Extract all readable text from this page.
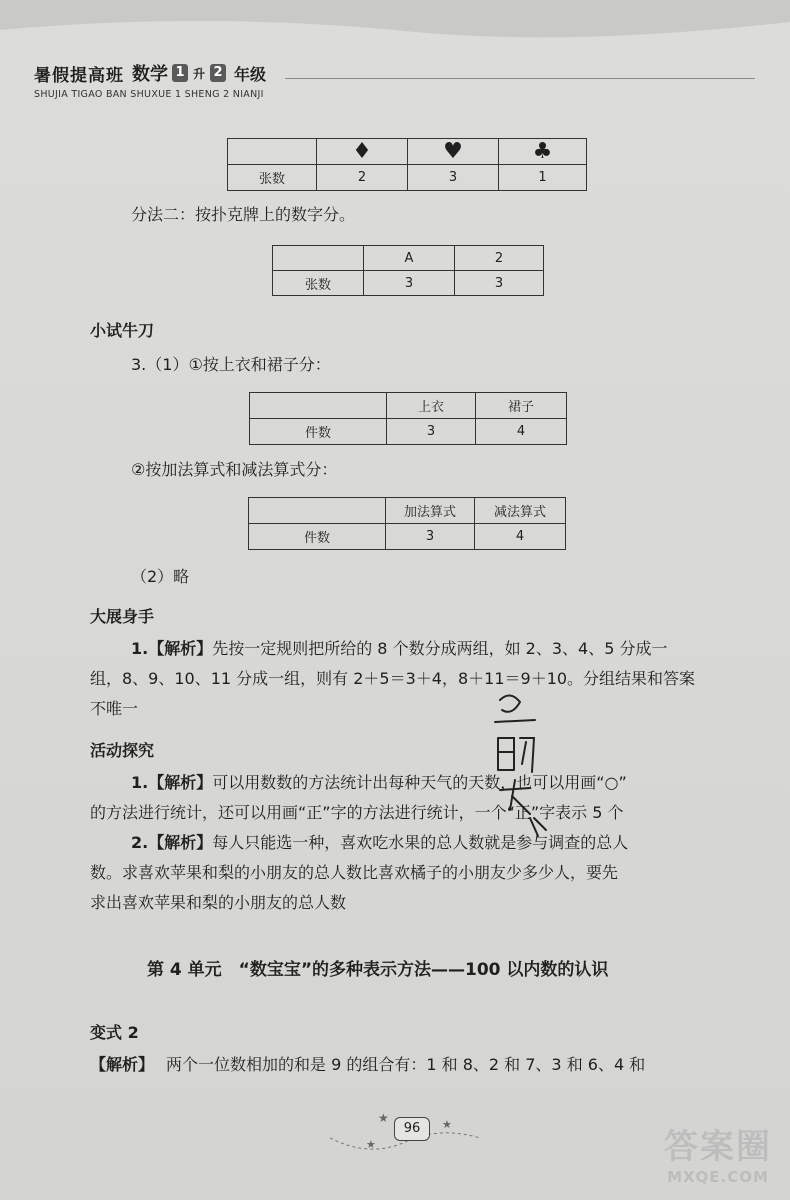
暑假提高班 数学 1 升 2 年级
SHUJIA TIGAO BAN SHUXUE 1 SHENG 2 NIANJI
	♦	♥	♣
张数	2	3	1
分法二：按扑克牌上的数字分。
	A	2
张数	3	3
小试牛刀
3.（1）①按上衣和裙子分：
	上衣	裙子
件数	3	4
②按加法算式和减法算式分：
	加法算式	减法算式
件数	3	4
（2）略
大展身手
1.【解析】先按一定规则把所给的 8 个数分成两组，如 2、3、4、5 分成一
组，8、9、10、11 分成一组，则有 2＋5＝3＋4，8＋11＝9＋10。分组结果和答案
不唯一
活动探究
1.【解析】可以用数数的方法统计出每种天气的天数，也可以用画“○”
的方法进行统计，还可以用画“正”字的方法进行统计，一个“正”字表示 5 个
2.【解析】每人只能选一种，喜欢吃水果的总人数就是参与调查的总人
数。求喜欢苹果和梨的小朋友的总人数比喜欢橘子的小朋友少多少人，要先
求出喜欢苹果和梨的小朋友的总人数
第 4 单元　“数宝宝”的多种表示方法——100 以内数的认识
变式 2
【解析】 两个一位数相加的和是 9 的组合有：1 和 8、2 和 7、3 和 6、4 和
★	★
★
96	答案圈
MXQE.COM
